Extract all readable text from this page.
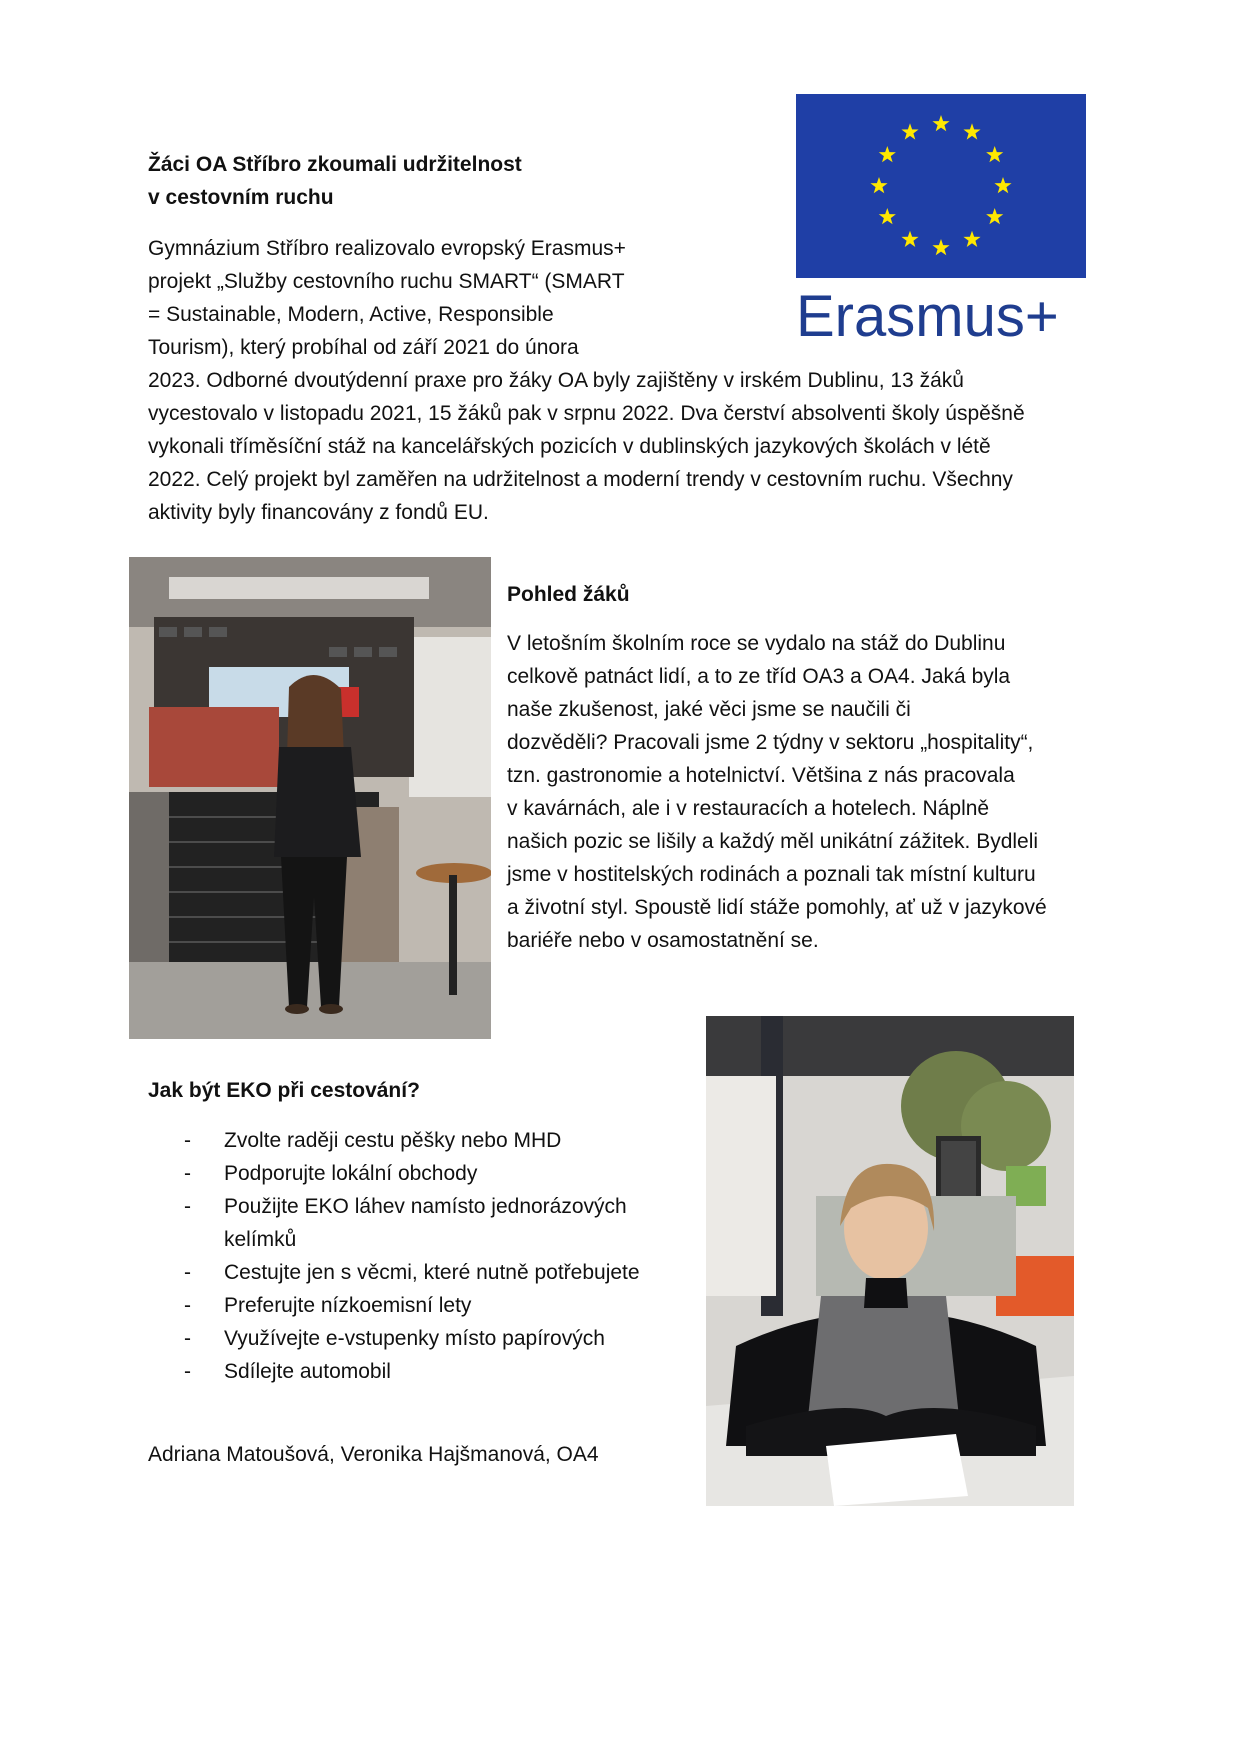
Žáci OA Stříbro zkoumali udržitelnost
v cestovním ruchu
Gymnázium Stříbro realizovalo evropský Erasmus+
projekt „Služby cestovního ruchu SMART“ (SMART
= Sustainable, Modern, Active, Responsible
Tourism), který probíhal od září 2021 do února
2023. Odborné dvoutýdenní praxe pro žáky OA byly zajištěny v irském Dublinu, 13 žáků
vycestovalo v listopadu 2021, 15 žáků pak v srpnu 2022. Dva čerství absolventi školy úspěšně
vykonali tříměsíční stáž na kancelářských pozicích v dublinských jazykových školách v létě
2022. Celý projekt byl zaměřen na udržitelnost a moderní trendy v cestovním ruchu. Všechny
aktivity byly financovány z fondů EU.
Erasmus+
Pohled žáků
V letošním školním roce se vydalo na stáž do Dublinu
celkově patnáct lidí, a to ze tříd OA3 a OA4. Jaká byla
naše zkušenost, jaké věci jsme se naučili či
dozvěděli? Pracovali jsme 2 týdny v sektoru „hospitality“,
tzn. gastronomie a hotelnictví. Většina z nás pracovala
v kavárnách, ale i v restauracích a hotelech. Náplně
našich pozic se lišily a každý měl unikátní zážitek. Bydleli
jsme v hostitelských rodinách a poznali tak místní kulturu
a životní styl. Spoustě lidí stáže pomohly, ať už v jazykové
bariéře nebo v osamostatnění se.
Jak být EKO při cestování?
- Zvolte raději cestu pěšky nebo MHD
- Podporujte lokální obchody
- Použijte EKO láhev namísto jednorázových
kelímků
- Cestujte jen s věcmi, které nutně potřebujete
- Preferujte nízkoemisní lety
- Využívejte e-vstupenky místo papírových
- Sdílejte automobil
Adriana Matoušová, Veronika Hajšmanová, OA4
